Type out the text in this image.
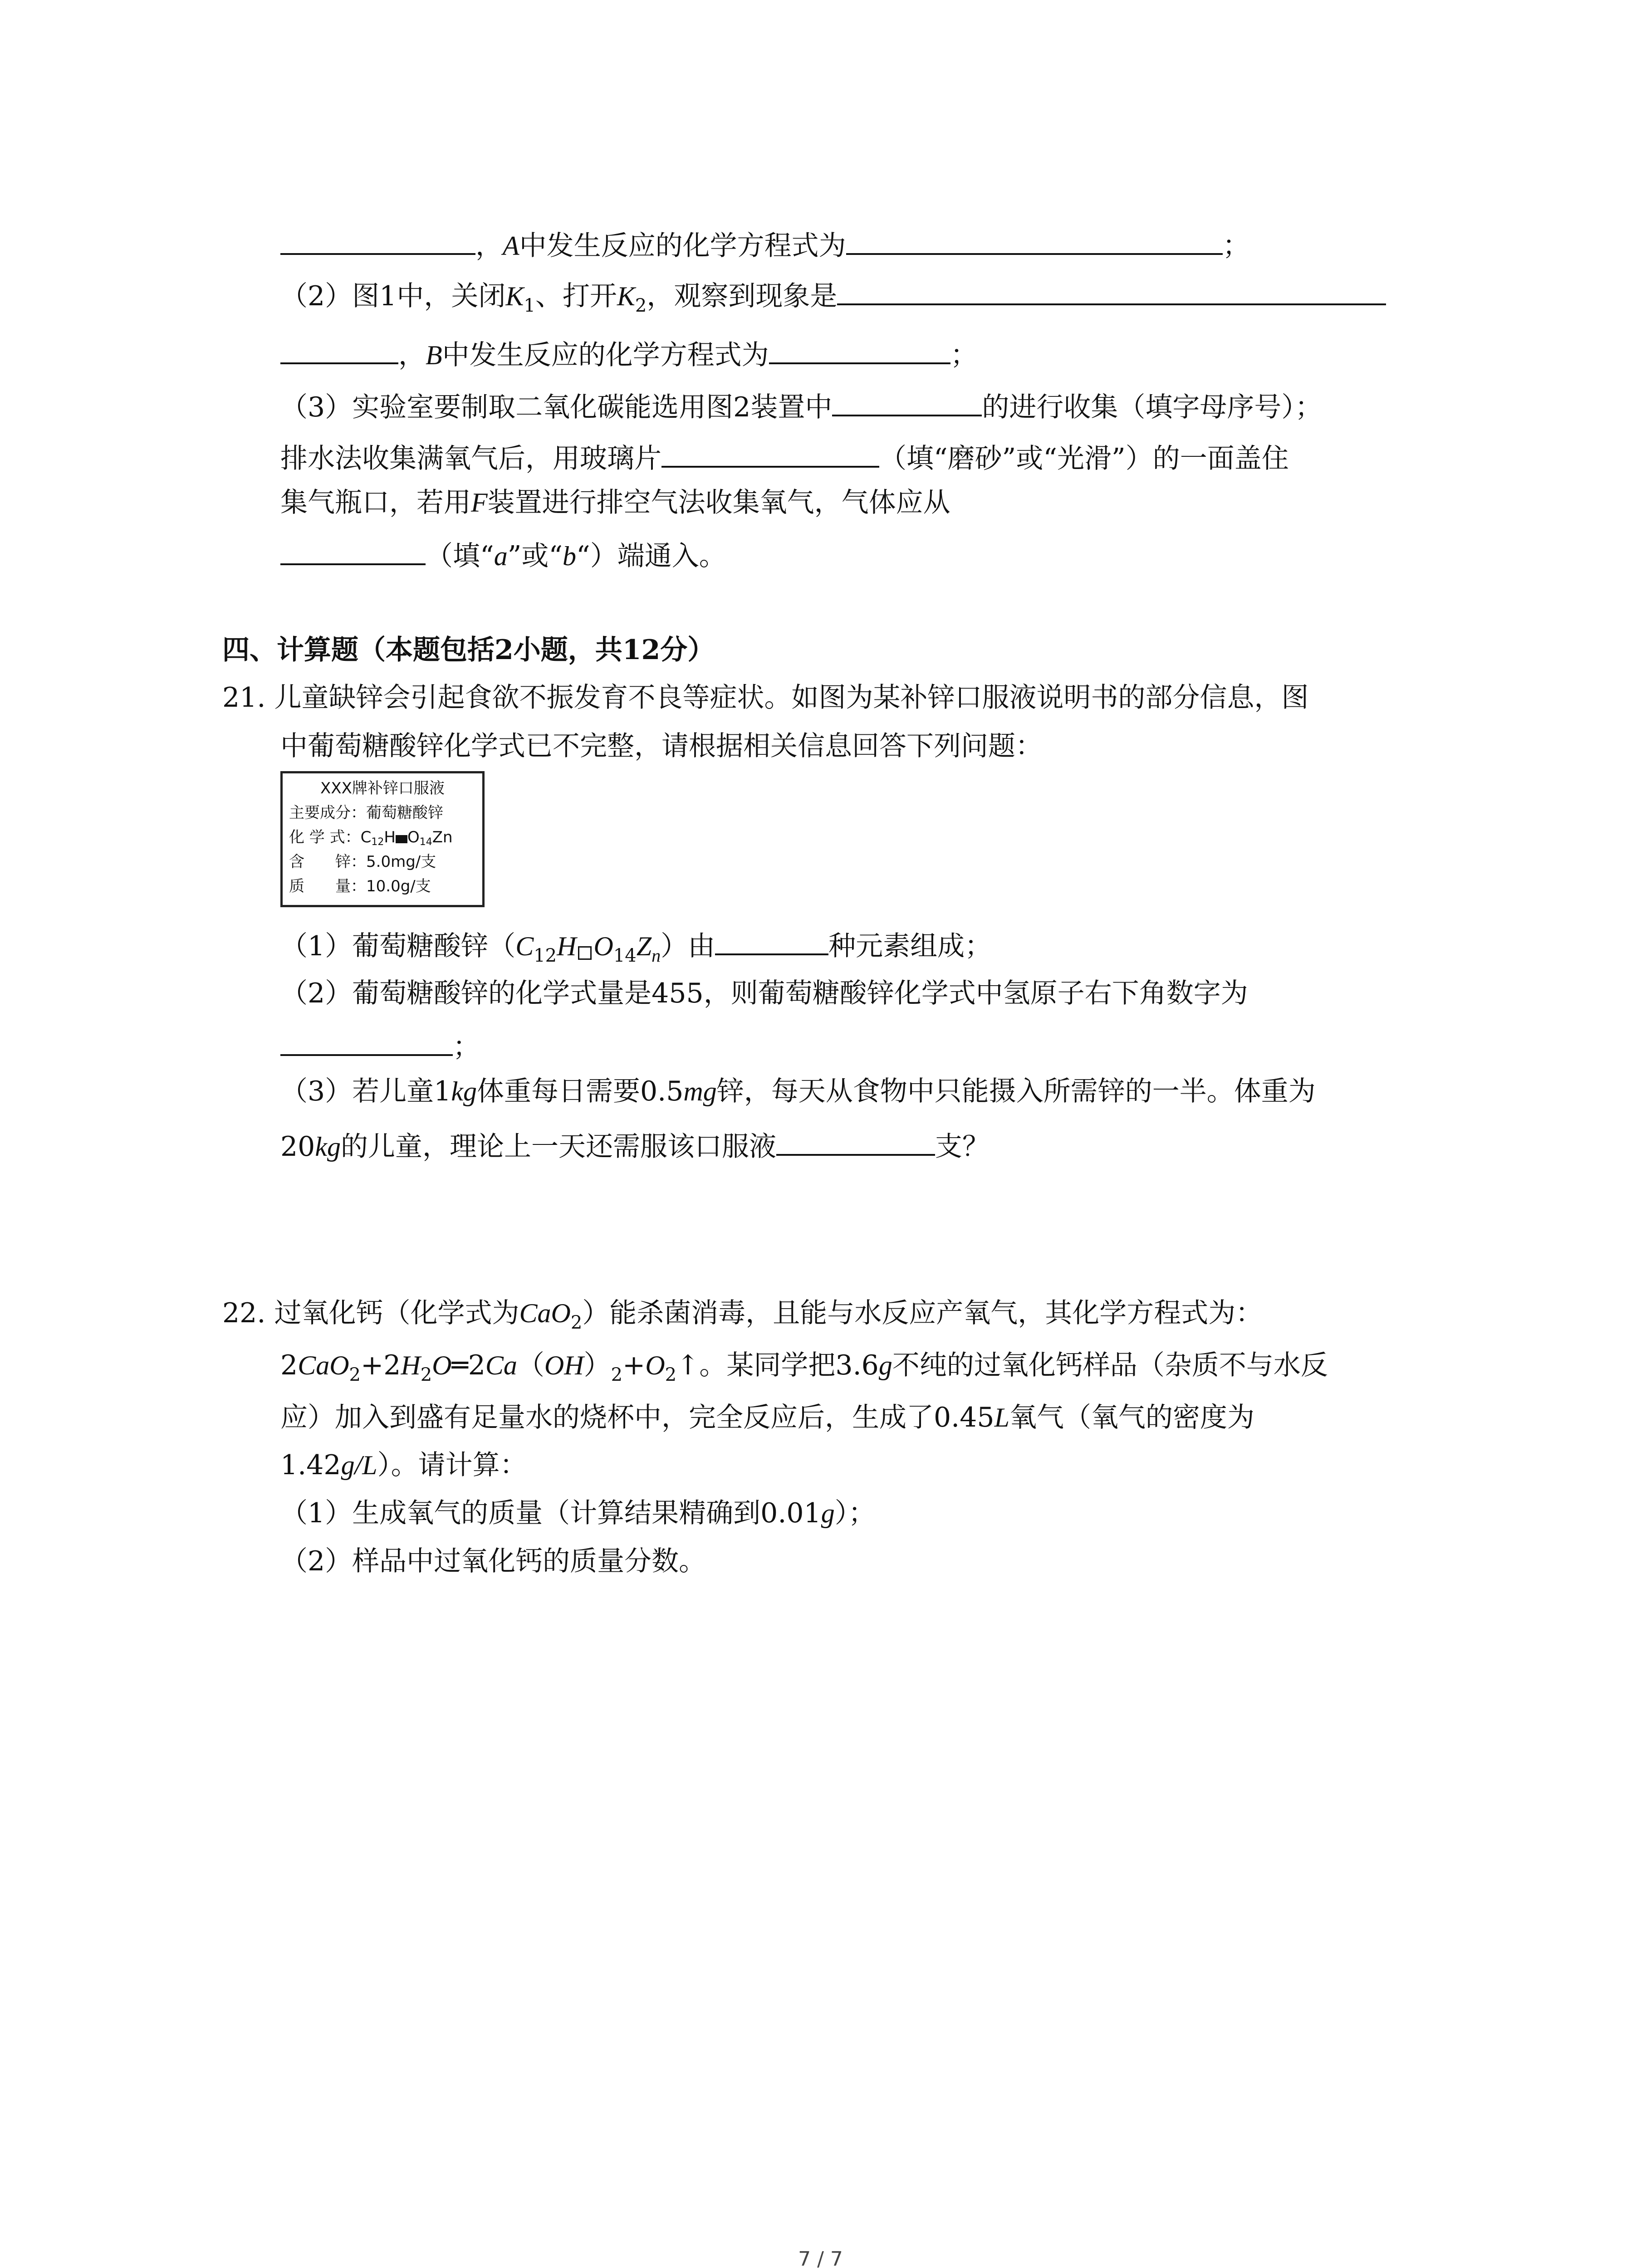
，A中发生反应的化学方程式为	；
（2）图1中，关闭$K_1$、打开$K_2$，观察到现象是
，B中发生反应的化学方程式为	；
（3）实验室要制取二氧化碳能选用图2装置中	的进行收集（填字母序号）；
排水法收集满氧气后，用玻璃片	（填“磨砂”或“光滑”）的一面盖住
集气瓶口，若用F装置进行排空气法收集氧气，气体应从
（填“a”或“b“）端通入。
四、计算题（本题包括2小题，共12分）
21. 儿童缺锌会引起食欲不振发育不良等症状。如图为某补锌口服液说明书的部分信息，图
中葡萄糖酸锌化学式已不完整，请根据相关信息回答下列问题：
XXX牌补锌口服液
主要成分：葡萄糖酸锌
化 学 式：$C_{12}H$ $O_{14}Zn$
含　　锌：5.0mg/支
质　　量：10.0g/支
（1）葡萄糖酸锌（$C_{12}H$ $O_{14}Z_n$）由	种元素组成；
（2）葡萄糖酸锌的化学式量是455，则葡萄糖酸锌化学式中氢原子右下角数字为
；
（3）若儿童1kg体重每日需要0.5mg锌，每天从食物中只能摄入所需锌的一半。体重为
20kg的儿童，理论上一天还需服该口服液	支？
22. 过氧化钙（化学式为CaO$_2$）能杀菌消毒，且能与水反应产氧气，其化学方程式为：
$2CaO_2+2H_2O═2Ca(OH)_2+O_2↑$。某同学把3.6g不纯的过氧化钙样品（杂质不与水反
应）加入到盛有足量水的烧杯中，完全反应后，生成了0.45L氧气（氧气的密度为
1.42g/L）。请计算：
（1）生成氧气的质量（计算结果精确到0.01g）；
（2）样品中过氧化钙的质量分数。
7 / 7
